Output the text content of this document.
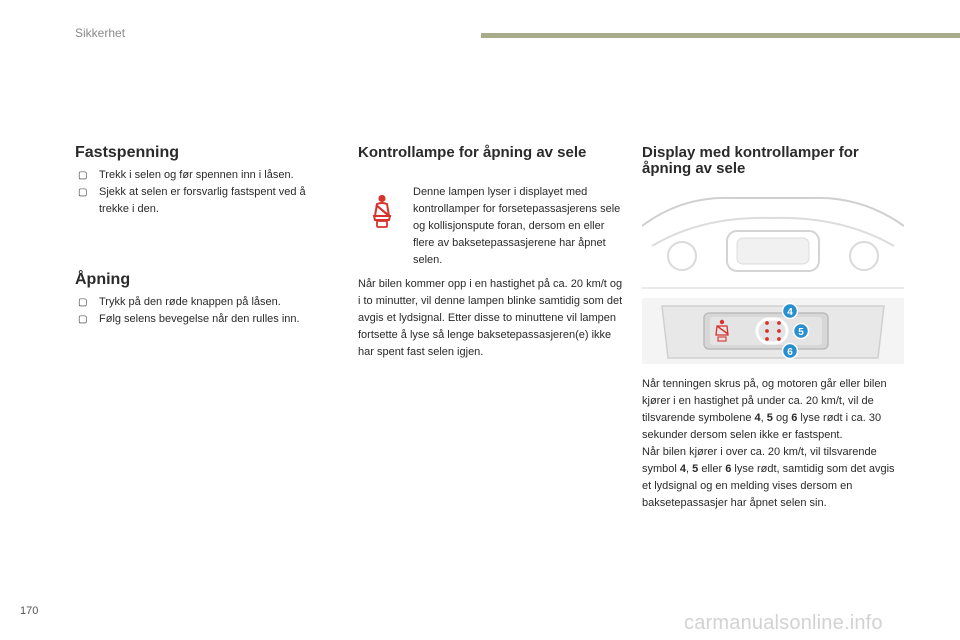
Sikkerhet
Fastspenning
▢ Trekk i selen og før spennen inn i låsen.
▢ Sjekk at selen er forsvarlig fastspent ved å trekke i den.
Åpning
▢ Trykk på den røde knappen på låsen.
▢ Følg selens bevegelse når den rulles inn.
Kontrollampe for åpning av sele

Denne lampen lyser i displayet med kontrollamper for forsetepassasjerens sele og kollisjonspute foran, dersom en eller flere av baksetepassasjerene har åpnet selen.

Når bilen kommer opp i en hastighet på ca. 20 km/t og i to minutter, vil denne lampen blinke samtidig som det avgis et lydsignal. Etter disse to minuttene vil lampen fortsette å lyse så lenge baksetepassasjeren(e) ikke har spent fast selen igjen.

Display med kontrollamper for åpning av sele
4
5
6

Når tenningen skrus på, og motoren går eller bilen kjører i en hastighet på under ca. 20 km/t, vil de tilsvarende symbolene 4, 5 og 6 lyse rødt i ca. 30 sekunder dersom selen ikke er fastspent.
Når bilen kjører i over ca. 20 km/t, vil tilsvarende symbol 4, 5 eller 6 lyse rødt, samtidig som det avgis et lydsignal og en melding vises dersom en baksetepassasjer har åpnet selen sin.

170
carmanualsonline.info
